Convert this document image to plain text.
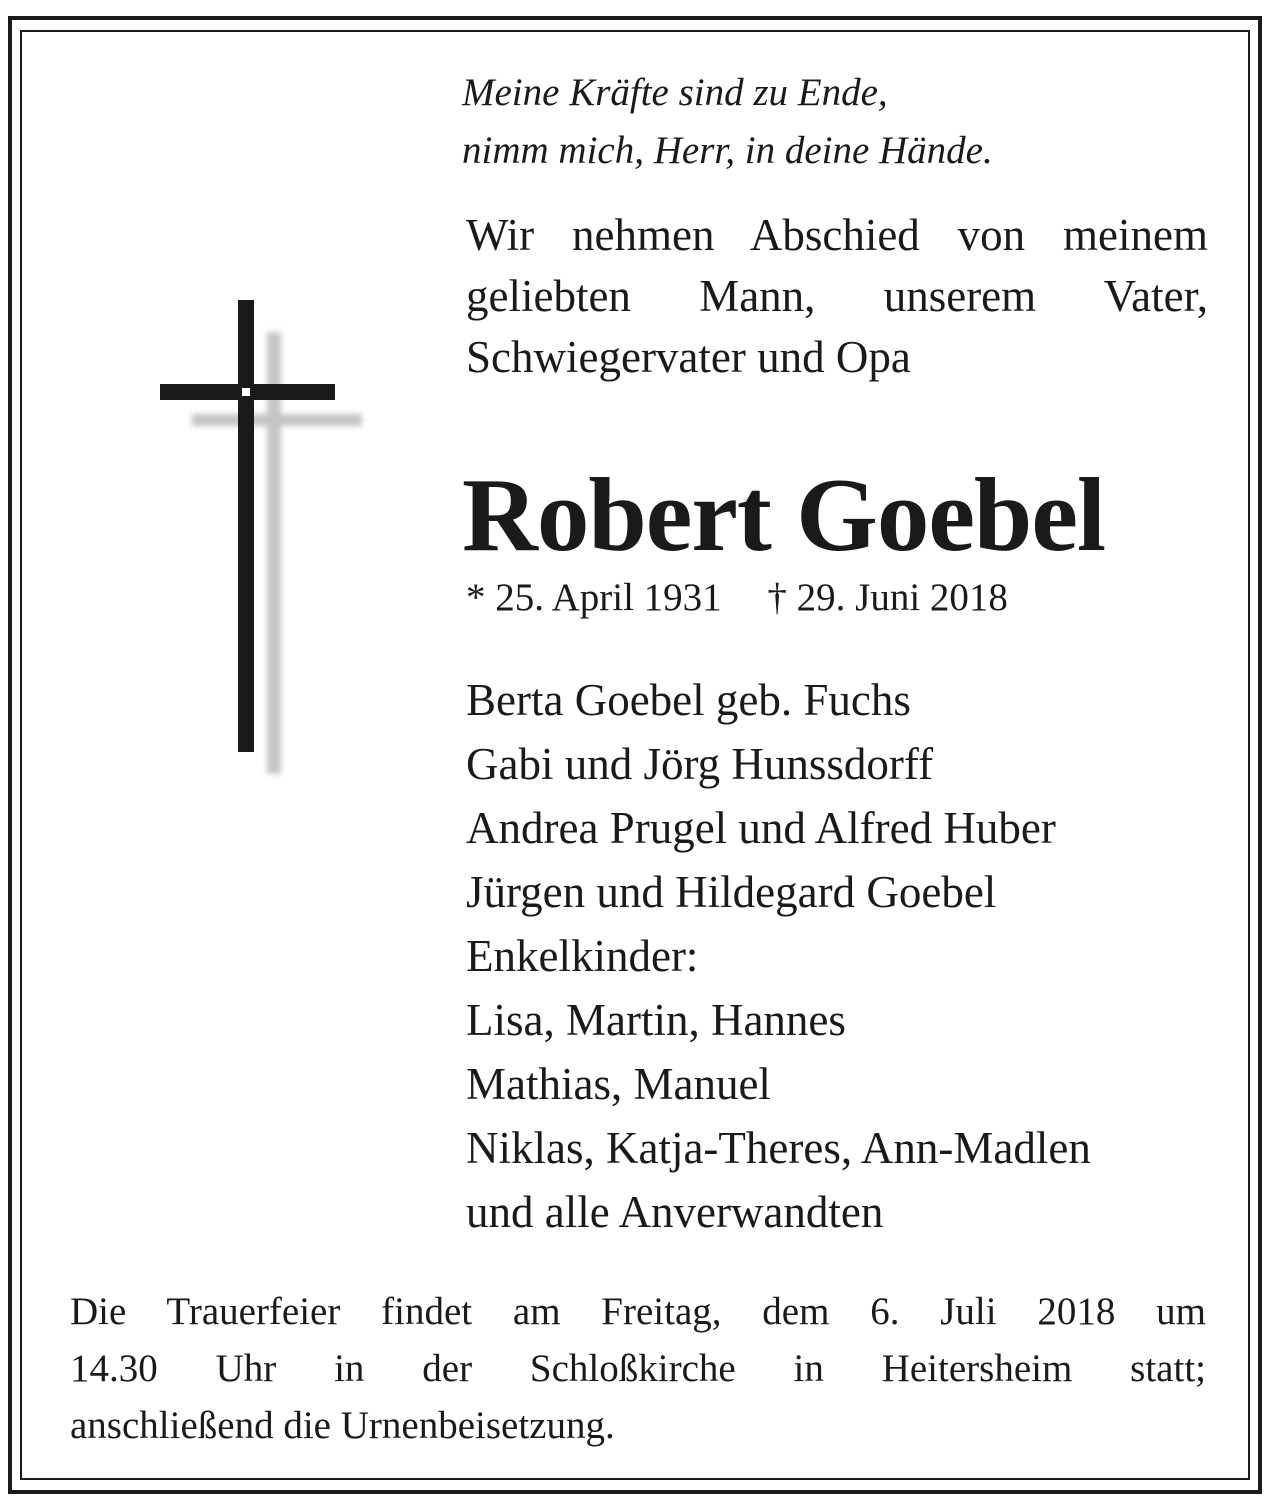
Meine Kräfte sind zu Ende,
nimm mich, Herr, in deine Hände.
Wir nehmen Abschied von meinem
geliebten Mann, unserem Vater,
Schwiegervater und Opa
Robert Goebel
* 25. April 1931 † 29. Juni 2018
Berta Goebel geb. Fuchs
Gabi und Jörg Hunssdorff
Andrea Prugel und Alfred Huber
Jürgen und Hildegard Goebel
Enkelkinder:
Lisa, Martin, Hannes
Mathias, Manuel
Niklas, Katja-Theres, Ann-Madlen
und alle Anverwandten
Die Trauerfeier findet am Freitag, dem 6. Juli 2018 um
14.30 Uhr in der Schloßkirche in Heitersheim statt;
anschließend die Urnenbeisetzung.
